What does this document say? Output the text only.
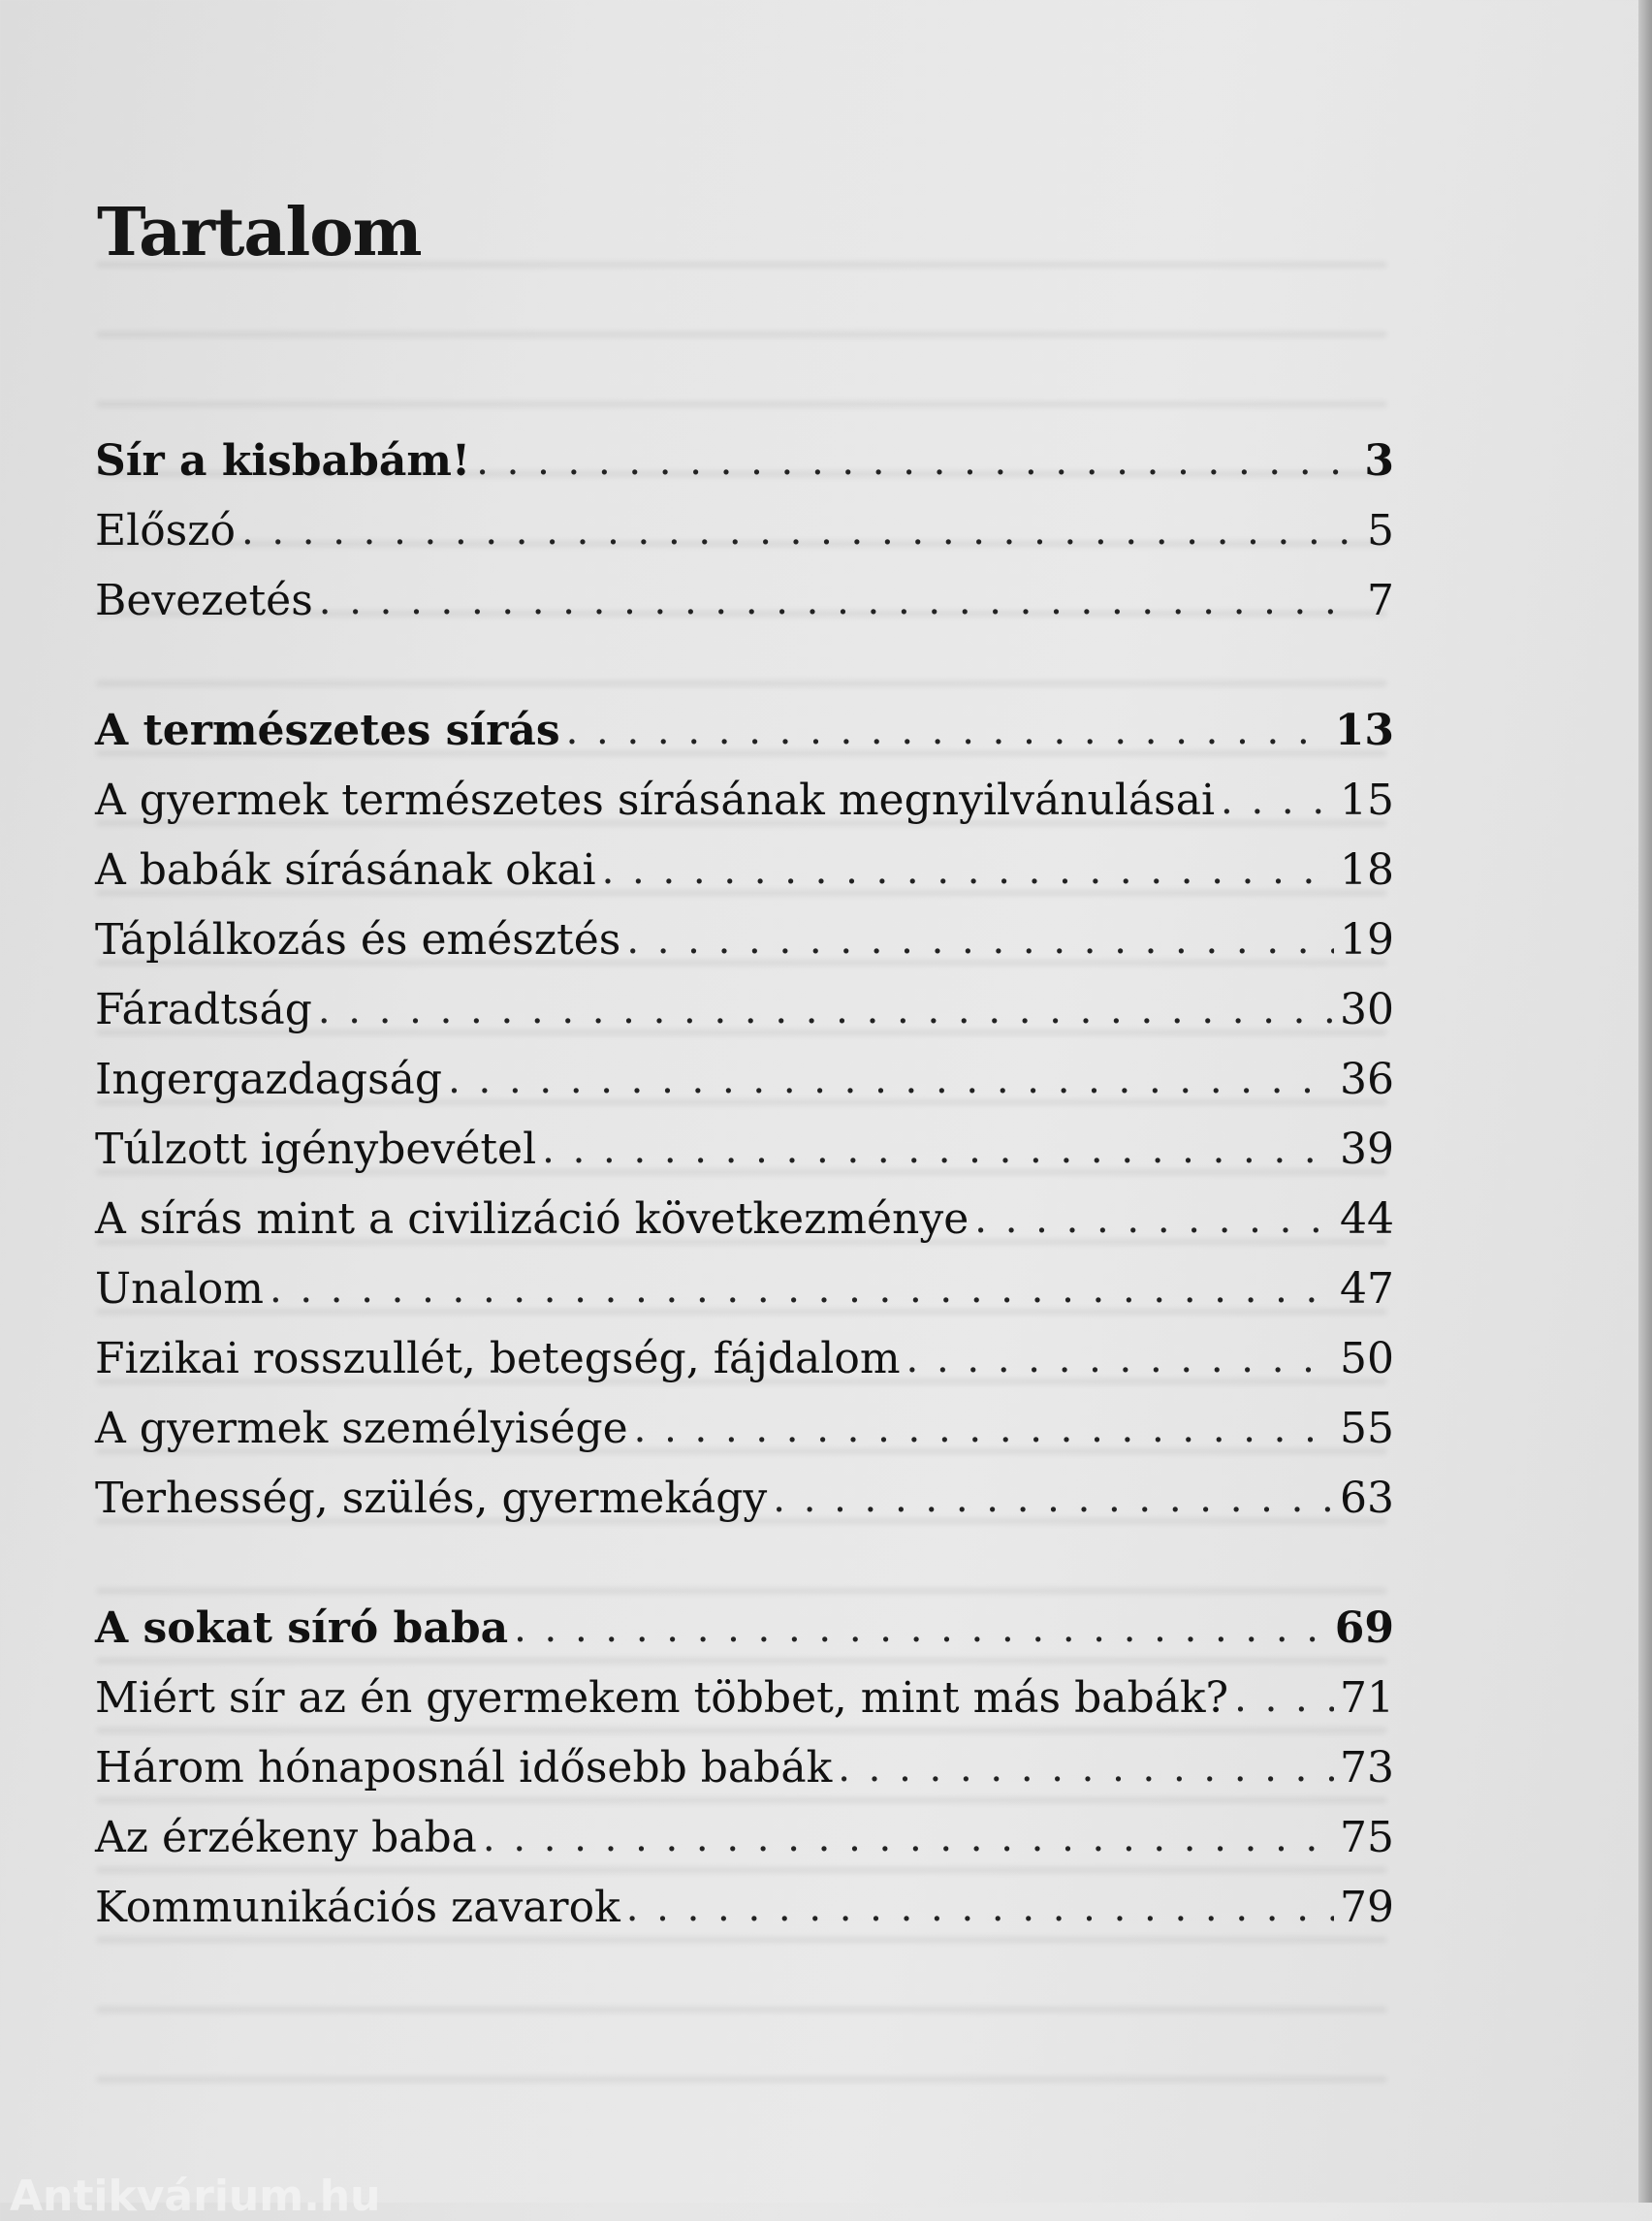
Tartalom
Sír a kisbabám! . . .	3
Előszó . . .	5
Bevezetés . . .	7
A természetes sírás . . .	13
A gyermek természetes sírásának megnyilvánulásai . . .	15
A babák sírásának okai . . .	18
Táplálkozás és emésztés . . .	19
Fáradtság . . .	30
Ingergazdagság . . .	36
Túlzott igénybevétel . . .	39
A sírás mint a civilizáció következménye . . .	44
Unalom . . .	47
Fizikai rosszullét, betegség, fájdalom . . .	50
A gyermek személyisége . . .	55
Terhesség, szülés, gyermekágy . . .	63
A sokat síró baba . . .	69
Miért sír az én gyermekem többet, mint más babák? . . .	71
Három hónaposnál idősebb babák . . .	73
Az érzékeny baba . . .	75
Kommunikációs zavarok . . .	79
Antikvárium.hu
